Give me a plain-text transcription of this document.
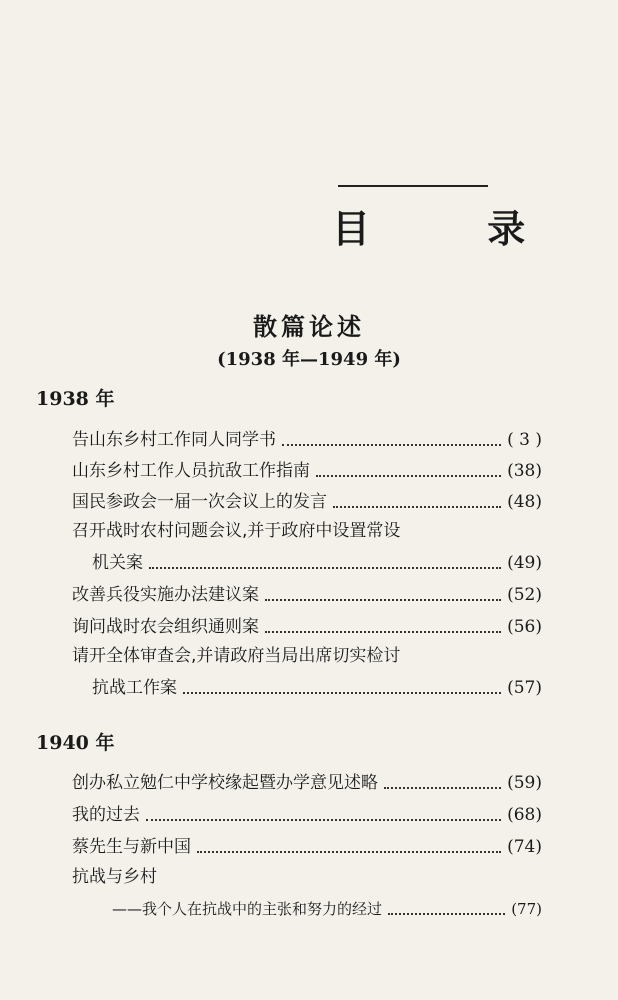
目 录
散篇论述
(1938 年—1949 年)
1938 年
告山东乡村工作同人同学书	( 3 )
山东乡村工作人员抗敌工作指南	(38)
国民参政会一届一次会议上的发言	(48)
召开战时农村问题会议,并于政府中设置常设
机关案	(49)
改善兵役实施办法建议案	(52)
询问战时农会组织通则案	(56)
请开全体审查会,并请政府当局出席切实检讨
抗战工作案	(57)
1940 年
创办私立勉仁中学校缘起暨办学意见述略	(59)
我的过去	(68)
蔡先生与新中国	(74)
抗战与乡村
——我个人在抗战中的主张和努力的经过	(77)
